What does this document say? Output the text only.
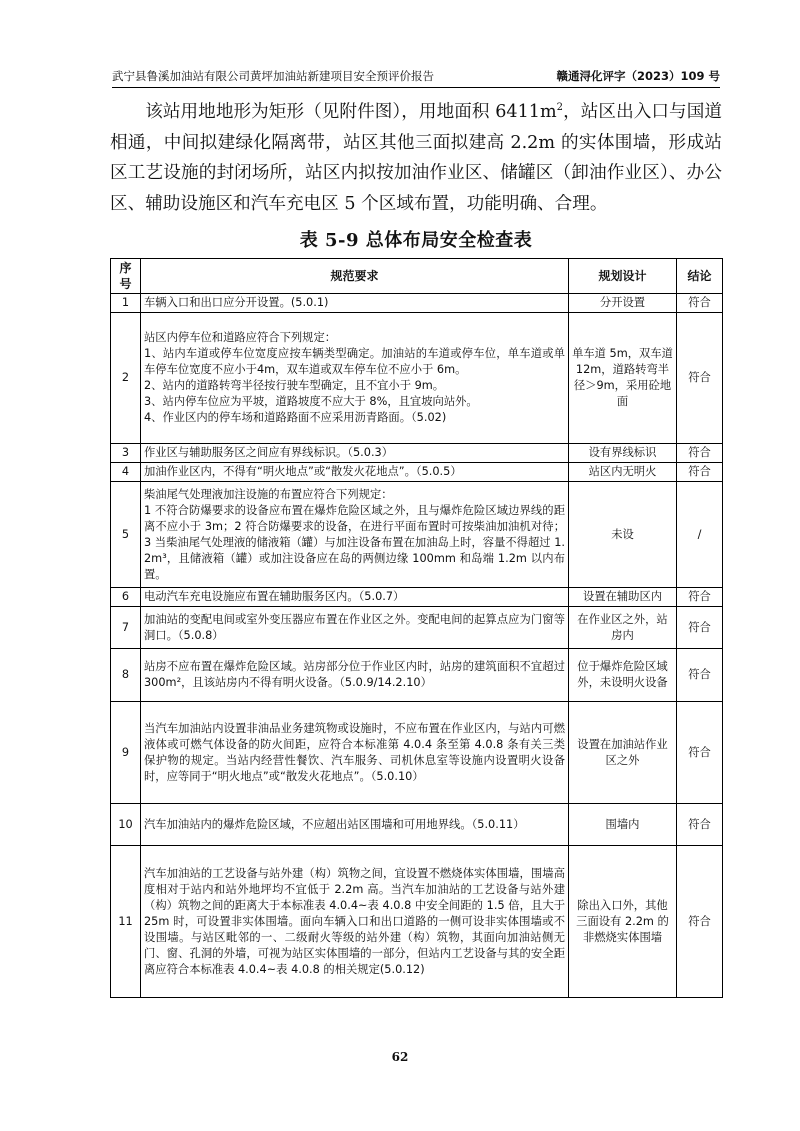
武宁县鲁溪加油站有限公司黄坪加油站新建项目安全预评价报告	赣通浔化评字（2023）109 号
该站用地地形为矩形（见附件图），用地面积 $6411m^2$，站区出入口与国道相通，中间拟建绿化隔离带，站区其他三面拟建高 2.2m 的实体围墙，形成站区工艺设施的封闭场所，站区内拟按加油作业区、储罐区（卸油作业区）、办公区、辅助设施区和汽车充电区 5 个区域布置，功能明确、合理。
表 5-9 总体布局安全检查表
序号	规范要求	规划设计	结论
1	车辆入口和出口应分开设置。(5.0.1)	分开设置	符合
2	站区内停车位和道路应符合下列规定：
1、站内车道或停车位宽度应按车辆类型确定。加油站的车道或停车位，单车道或单车停车位宽度不应小于4m，双车道或双车停车位不应小于 6m。
2、站内的道路转弯半径按行驶车型确定，且不宜小于 9m。
3、站内停车位应为平坡，道路坡度不应大于 8%，且宜坡向站外。
4、作业区内的停车场和道路路面不应采用沥青路面。（5.02)	单车道 5m，双车道12m，道路转弯半径＞9m，采用砼地面	符合
3	作业区与辅助服务区之间应有界线标识。（5.0.3）	设有界线标识	符合
4	加油作业区内，不得有“明火地点”或“散发火花地点”。（5.0.5）	站区内无明火	符合
5	柴油尾气处理液加注设施的布置应符合下列规定：
1 不符合防爆要求的设备应布置在爆炸危险区域之外，且与爆炸危险区域边界线的距离不应小于 3m；2 符合防爆要求的设备，在进行平面布置时可按柴油加油机对待；3 当柴油尾气处理液的储液箱（罐）与加注设备布置在加油岛上时，容量不得超过 1.2m³，且储液箱（罐）或加注设备应在岛的两侧边缘 100mm 和岛端 1.2m 以内布置。	未设	/
6	电动汽车充电设施应布置在辅助服务区内。（5.0.7）	设置在辅助区内	符合
7	加油站的变配电间或室外变压器应布置在作业区之外。变配电间的起算点应为门窗等洞口。（5.0.8）	在作业区之外，站房内	符合
8	站房不应布置在爆炸危险区域。站房部分位于作业区内时，站房的建筑面积不宜超过 300m²，且该站房内不得有明火设备。（5.0.9/14.2.10）	位于爆炸危险区域外，未设明火设备	符合
9	当汽车加油站内设置非油品业务建筑物或设施时，不应布置在作业区内，与站内可燃液体或可燃气体设备的防火间距，应符合本标准第 4.0.4 条至第 4.0.8 条有关三类保护物的规定。当站内经营性餐饮、汽车服务、司机休息室等设施内设置明火设备时，应等同于“明火地点”或“散发火花地点”。（5.0.10）	设置在加油站作业区之外	符合
10	汽车加油站内的爆炸危险区域，不应超出站区围墙和可用地界线。（5.0.11）	围墙内	符合
11	汽车加油站的工艺设备与站外建（构）筑物之间，宜设置不燃烧体实体围墙，围墙高度相对于站内和站外地坪均不宜低于 2.2m 高。当汽车加油站的工艺设备与站外建（构）筑物之间的距离大于本标准表 4.0.4~表 4.0.8 中安全间距的 1.5 倍，且大于 25m 时，可设置非实体围墙。面向车辆入口和出口道路的一侧可设非实体围墙或不设围墙。与站区毗邻的一、二级耐火等级的站外建（构）筑物，其面向加油站侧无门、窗、孔洞的外墙，可视为站区实体围墙的一部分，但站内工艺设备与其的安全距离应符合本标准表 4.0.4~表 4.0.8 的相关规定(5.0.12)	除出入口外，其他三面设有 2.2m 的非燃烧实体围墙	符合
62
